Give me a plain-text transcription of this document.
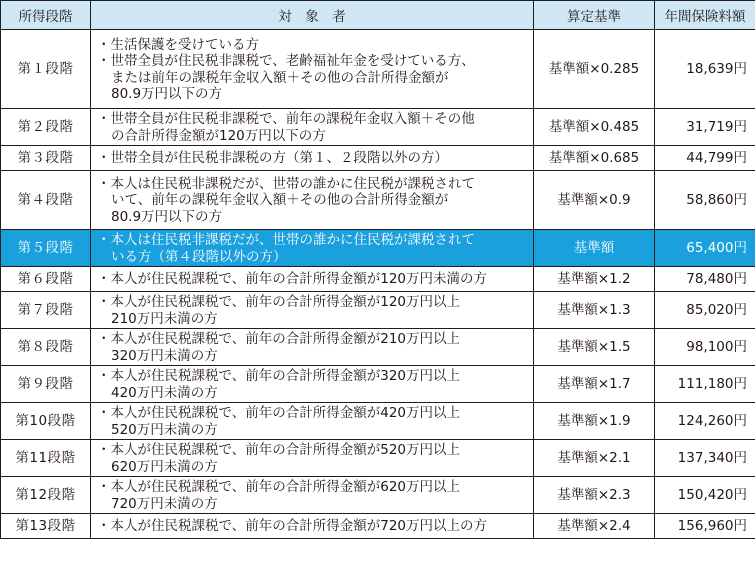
所得段階	対　象　者	算定基準	年間保険料額
第１段階	・生活保護を受けている方
・世帯全員が住民税非課税で、老齢福祉年金を受けている方、
または前年の課税年金収入額＋その他の合計所得金額が
80.9万円以下の方	基準額×0.285	18,639円
第２段階	・世帯全員が住民税非課税で、前年の課税年金収入額＋その他
の合計所得金額が120万円以下の方	基準額×0.485	31,719円
第３段階	・世帯全員が住民税非課税の方（第１、２段階以外の方）	基準額×0.685	44,799円
第４段階	・本人は住民税非課税だが、世帯の誰かに住民税が課税されて
いて、前年の課税年金収入額＋その他の合計所得金額が
80.9万円以下の方	基準額×0.9	58,860円
第５段階	・本人は住民税非課税だが、世帯の誰かに住民税が課税されて
いる方（第４段階以外の方）	基準額	65,400円
第６段階	・本人が住民税課税で、前年の合計所得金額が120万円未満の方	基準額×1.2	78,480円
第７段階	・本人が住民税課税で、前年の合計所得金額が120万円以上
210万円未満の方	基準額×1.3	85,020円
第８段階	・本人が住民税課税で、前年の合計所得金額が210万円以上
320万円未満の方	基準額×1.5	98,100円
第９段階	・本人が住民税課税で、前年の合計所得金額が320万円以上
420万円未満の方	基準額×1.7	111,180円
第10段階	・本人が住民税課税で、前年の合計所得金額が420万円以上
520万円未満の方	基準額×1.9	124,260円
第11段階	・本人が住民税課税で、前年の合計所得金額が520万円以上
620万円未満の方	基準額×2.1	137,340円
第12段階	・本人が住民税課税で、前年の合計所得金額が620万円以上
720万円未満の方	基準額×2.3	150,420円
第13段階	・本人が住民税課税で、前年の合計所得金額が720万円以上の方	基準額×2.4	156,960円
